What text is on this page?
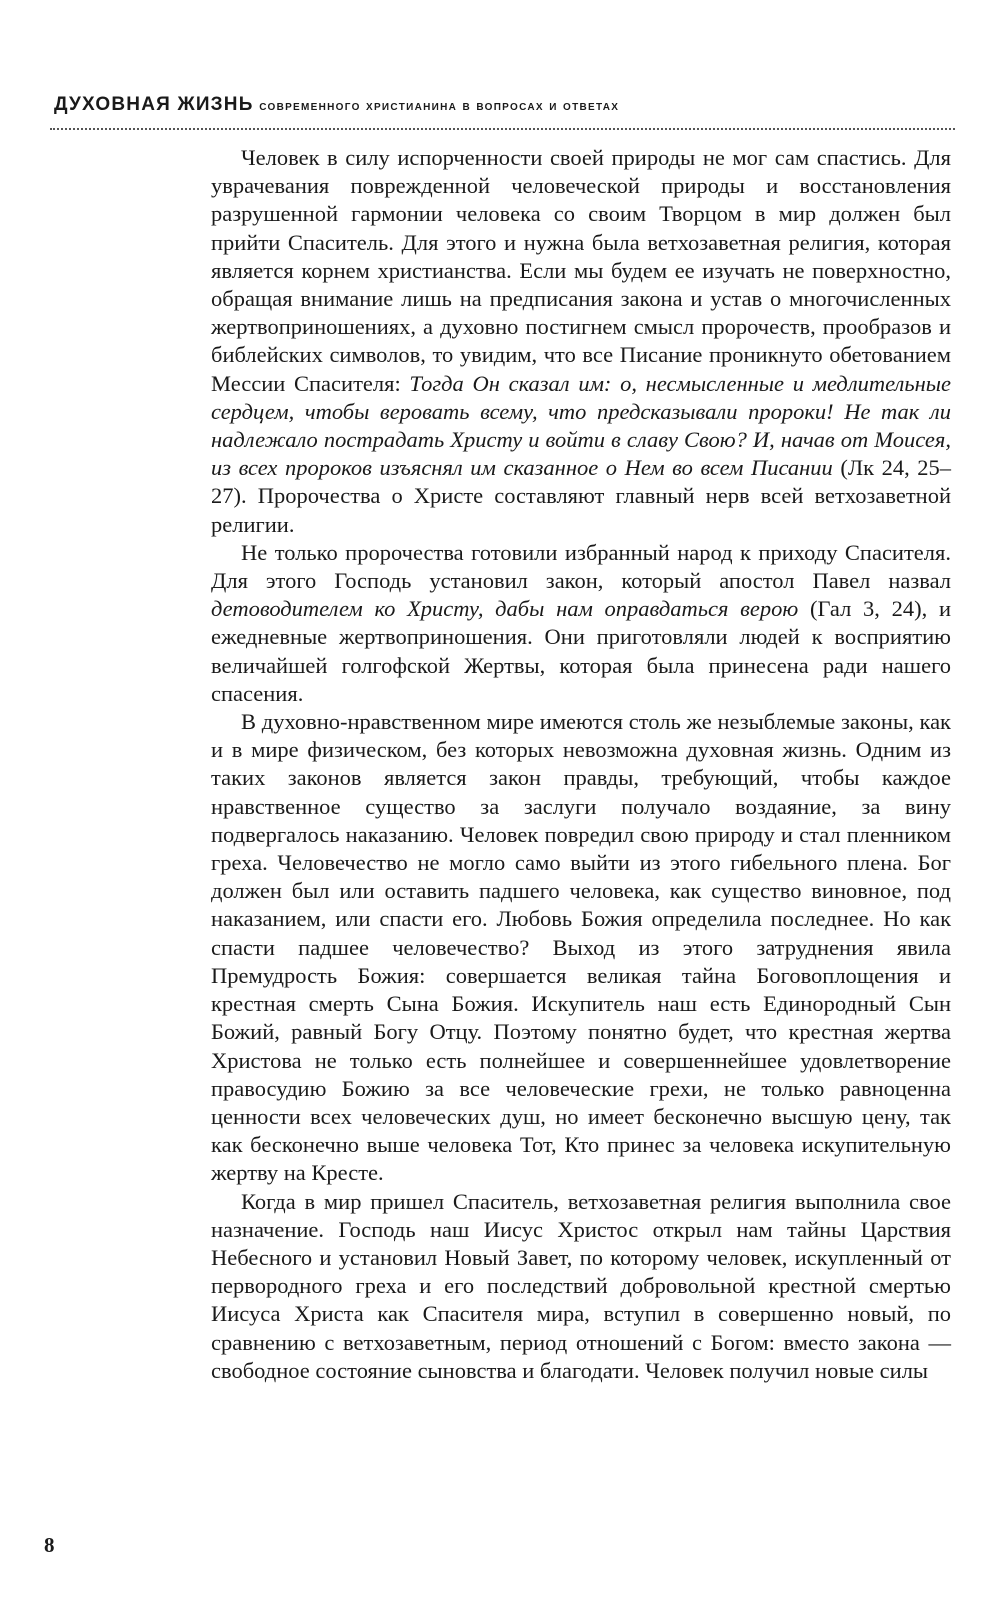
ДУХОВНАЯ ЖИЗНЬ современного христианина в вопросах и ответах

Человек в силу испорченности своей природы не мог сам спастись. Для уврачевания поврежденной человеческой природы и восстановления разрушенной гармонии человека со своим Творцом в мир должен был прийти Спаситель. Для этого и нужна была ветхозаветная религия, которая является корнем христианства. Если мы будем ее изучать не поверхностно, обращая внимание лишь на предписания закона и устав о многочисленных жертвоприношениях, а духовно постигнем смысл пророчеств, прообразов и библейских символов, то увидим, что все Писание проникнуто обетованием Мессии Спасителя: Тогда Он сказал им: о, несмысленные и медлительные сердцем, чтобы веровать всему, что предсказывали пророки! Не так ли надлежало пострадать Христу и войти в славу Свою? И, начав от Моисея, из всех пророков изъяснял им сказанное о Нем во всем Писании (Лк 24, 25–27). Пророчества о Христе составляют главный нерв всей ветхозаветной религии.

Не только пророчества готовили избранный народ к приходу Спасителя. Для этого Господь установил закон, который апостол Павел назвал детоводителем ко Христу, дабы нам оправдаться верою (Гал 3, 24), и ежедневные жертвоприношения. Они приготовляли людей к восприятию величайшей голгофской Жертвы, которая была принесена ради нашего спасения.

В духовно-нравственном мире имеются столь же незыблемые законы, как и в мире физическом, без которых невозможна духовная жизнь. Одним из таких законов является закон правды, требующий, чтобы каждое нравственное существо за заслуги получало воздаяние, за вину подвергалось наказанию. Человек повредил свою природу и стал пленником греха. Человечество не могло само выйти из этого гибельного плена. Бог должен был или оставить падшего человека, как существо виновное, под наказанием, или спасти его. Любовь Божия определила последнее. Но как спасти падшее человечество? Выход из этого затруднения явила Премудрость Божия: совершается великая тайна Боговоплощения и крестная смерть Сына Божия. Искупитель наш есть Единородный Сын Божий, равный Богу Отцу. Поэтому понятно будет, что крестная жертва Христова не только есть полнейшее и совершеннейшее удовлетворение правосудию Божию за все человеческие грехи, не только равноценна ценности всех человеческих душ, но имеет бесконечно высшую цену, так как бесконечно выше человека Тот, Кто принес за человека искупительную жертву на Кресте.

Когда в мир пришел Спаситель, ветхозаветная религия выполнила свое назначение. Господь наш Иисус Христос открыл нам тайны Царствия Небесного и установил Новый Завет, по которому человек, искупленный от первородного греха и его последствий добровольной крестной смертью Иисуса Христа как Спасителя мира, вступил в совершенно новый, по сравнению с ветхозаветным, период отношений с Богом: вместо закона — свободное состояние сыновства и благодати. Человек получил новые силы

8
